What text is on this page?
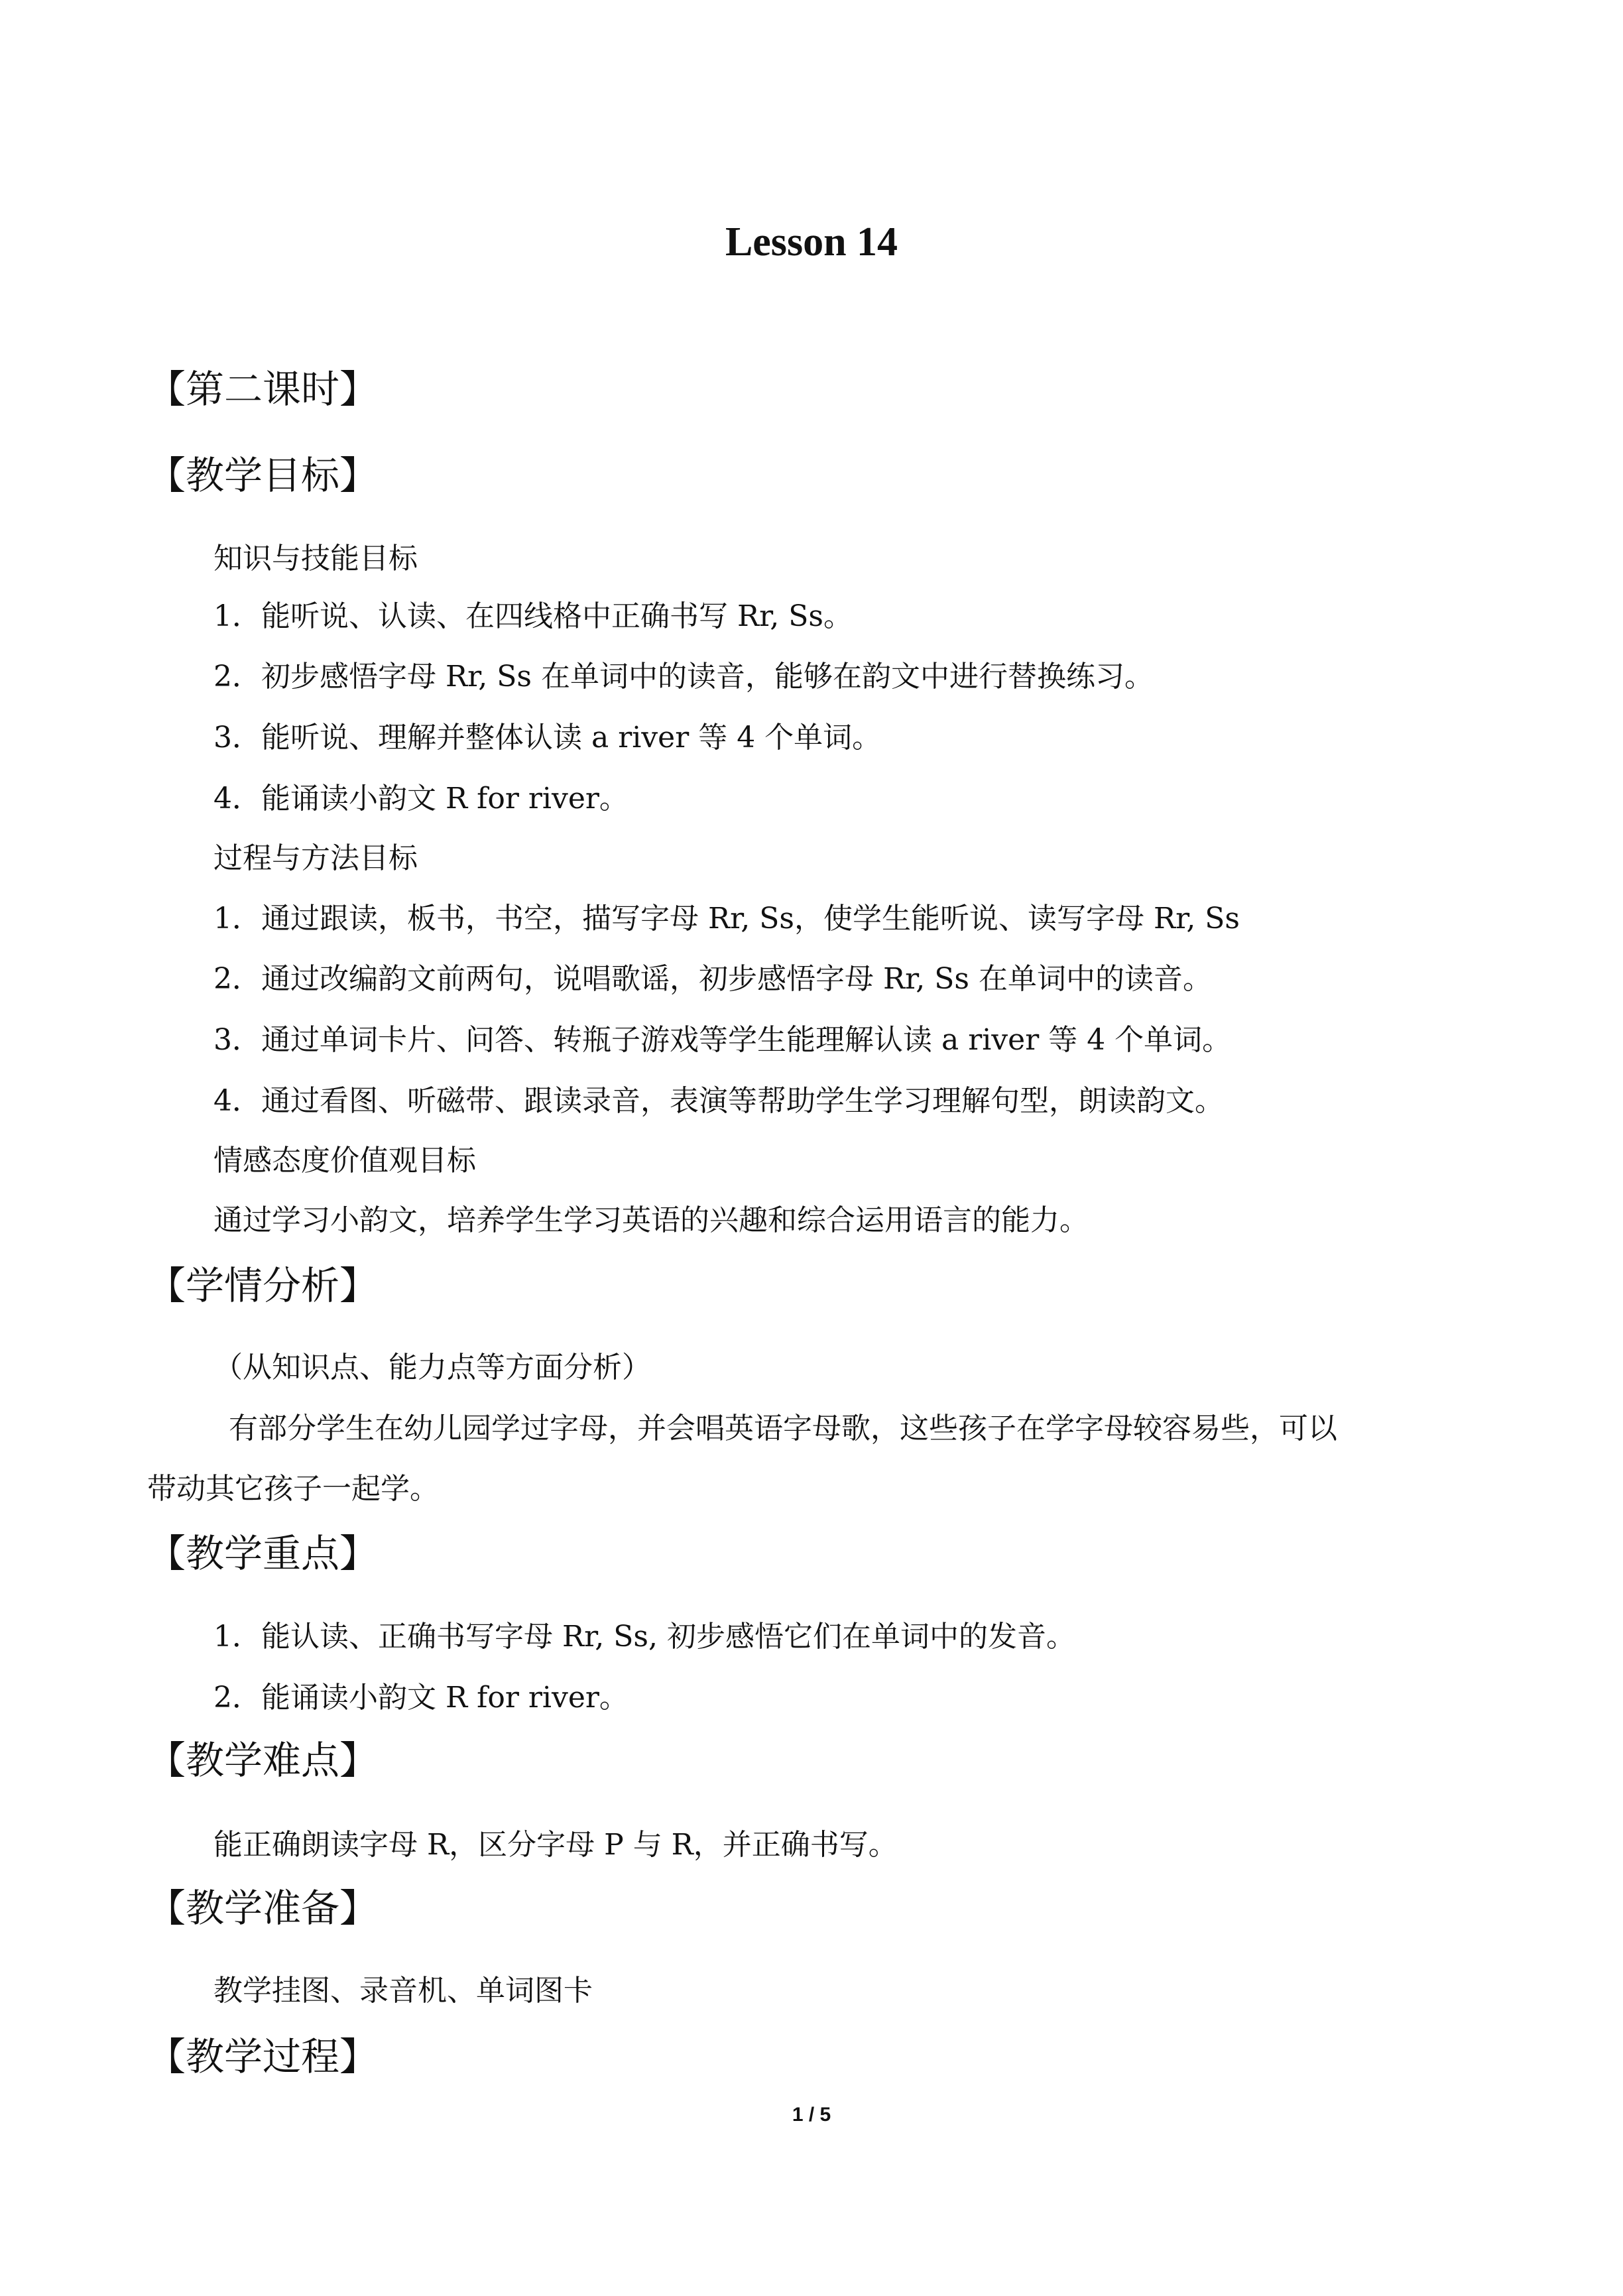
Lesson 14
【第二课时】
【教学目标】
知识与技能目标
1．能听说、认读、在四线格中正确书写 Rr, Ss。
2．初步感悟字母 Rr, Ss 在单词中的读音，能够在韵文中进行替换练习。
3．能听说、理解并整体认读 a river 等 4 个单词。
4．能诵读小韵文 R for river。
过程与方法目标
1．通过跟读，板书，书空，描写字母 Rr, Ss，使学生能听说、读写字母 Rr, Ss
2．通过改编韵文前两句，说唱歌谣，初步感悟字母 Rr, Ss 在单词中的读音。
3．通过单词卡片、问答、转瓶子游戏等学生能理解认读 a river 等 4 个单词。
4．通过看图、听磁带、跟读录音，表演等帮助学生学习理解句型，朗读韵文。
情感态度价值观目标
通过学习小韵文，培养学生学习英语的兴趣和综合运用语言的能力。
【学情分析】
（从知识点、能力点等方面分析）
有部分学生在幼儿园学过字母，并会唱英语字母歌，这些孩子在学字母较容易些，可以
带动其它孩子一起学。
【教学重点】
1．能认读、正确书写字母 Rr, Ss, 初步感悟它们在单词中的发音。
2．能诵读小韵文 R for river。
【教学难点】
能正确朗读字母 R，区分字母 P 与 R，并正确书写。
【教学准备】
教学挂图、录音机、单词图卡
【教学过程】
1 / 5
